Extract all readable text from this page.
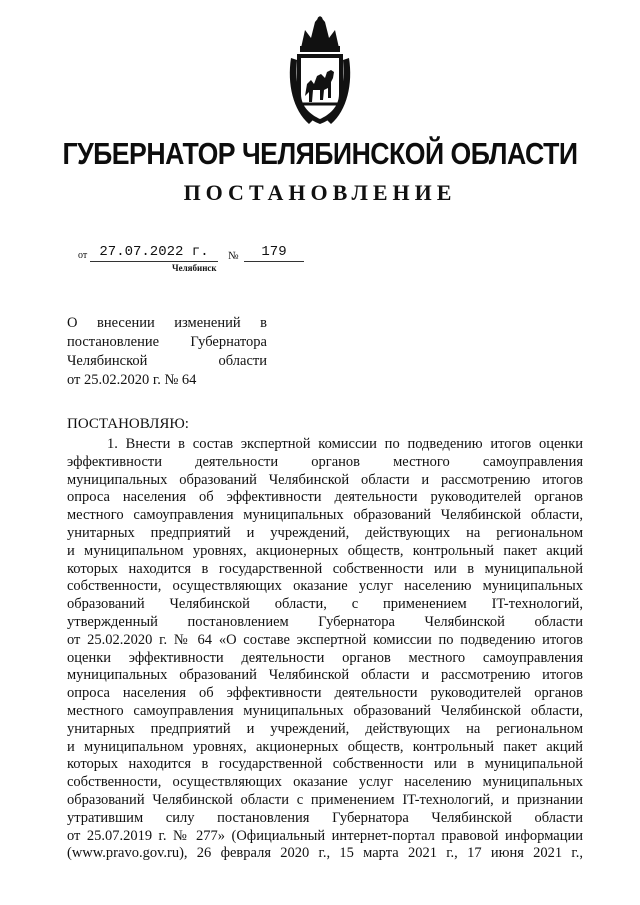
ГУБЕРНАТОР ЧЕЛЯБИНСКОЙ ОБЛАСТИ
ПОСТАНОВЛЕНИЕ
от 27.07.2022 г.	№	179
Челябинск
О внесении изменений в
постановление Губернатора
Челябинской области
от 25.02.2020 г. № 64
ПОСТАНОВЛЯЮ:
1. Внести в состав экспертной комиссии по подведению итогов оценки
эффективности деятельности органов местного самоуправления
муниципальных образований Челябинской области и рассмотрению итогов
опроса населения об эффективности деятельности руководителей органов
местного самоуправления муниципальных образований Челябинской области,
унитарных предприятий и учреждений, действующих на региональном
и муниципальном уровнях, акционерных обществ, контрольный пакет акций
которых находится в государственной собственности или в муниципальной
собственности, осуществляющих оказание услуг населению муниципальных
образований Челябинской области, с применением IT-технологий,
утвержденный постановлением Губернатора Челябинской области
от 25.02.2020 г. № 64 «О составе экспертной комиссии по подведению итогов
оценки эффективности деятельности органов местного самоуправления
муниципальных образований Челябинской области и рассмотрению итогов
опроса населения об эффективности деятельности руководителей органов
местного самоуправления муниципальных образований Челябинской области,
унитарных предприятий и учреждений, действующих на региональном
и муниципальном уровнях, акционерных обществ, контрольный пакет акций
которых находится в государственной собственности или в муниципальной
собственности, осуществляющих оказание услуг населению муниципальных
образований Челябинской области с применением IT-технологий, и признании
утратившим силу постановления Губернатора Челябинской области
от 25.07.2019 г. № 277» (Официальный интернет-портал правовой информации
(www.pravo.gov.ru), 26 февраля 2020 г., 15 марта 2021 г., 17 июня 2021 г.,
